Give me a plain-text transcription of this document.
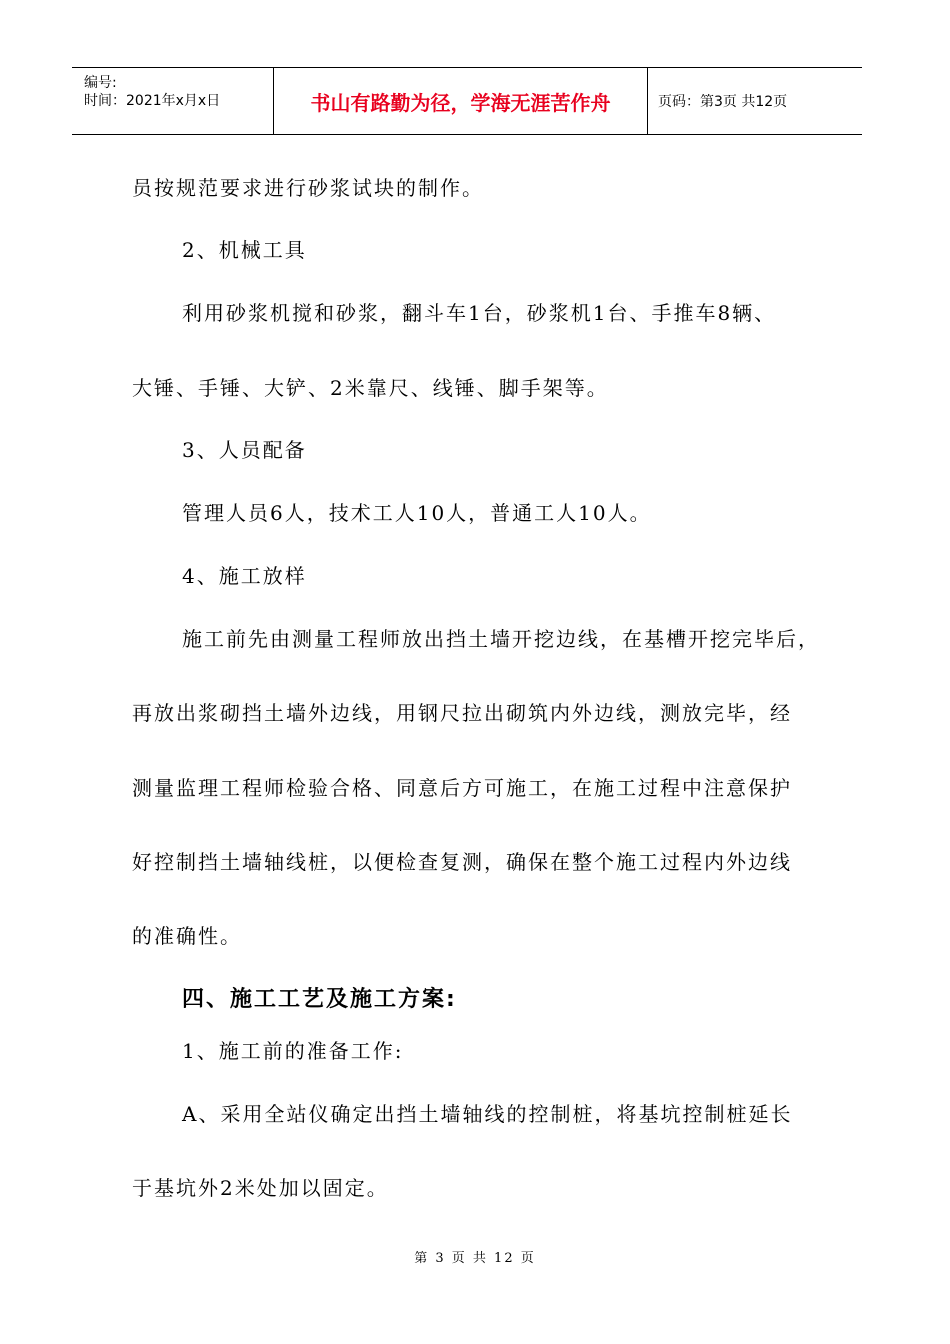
编号:
时间：2021年x月x日	书山有路勤为径，学海无涯苦作舟	页码：第3页 共12页
员按规范要求进行砂浆试块的制作。
2、机械工具
利用砂浆机搅和砂浆，翻斗车1台，砂浆机1台、手推车8辆、
大锤、手锤、大铲、2米靠尺、线锤、脚手架等。
3、人员配备
管理人员6人，技术工人10人，普通工人10人。
4、施工放样
施工前先由测量工程师放出挡土墙开挖边线，在基槽开挖完毕后，
再放出浆砌挡土墙外边线，用钢尺拉出砌筑内外边线，测放完毕，经
测量监理工程师检验合格、同意后方可施工，在施工过程中注意保护
好控制挡土墙轴线桩，以便检查复测，确保在整个施工过程内外边线
的准确性。
四、施工工艺及施工方案:
1、施工前的准备工作:
A、采用全站仪确定出挡土墙轴线的控制桩，将基坑控制桩延长
于基坑外2米处加以固定。
第 3 页 共 12 页
